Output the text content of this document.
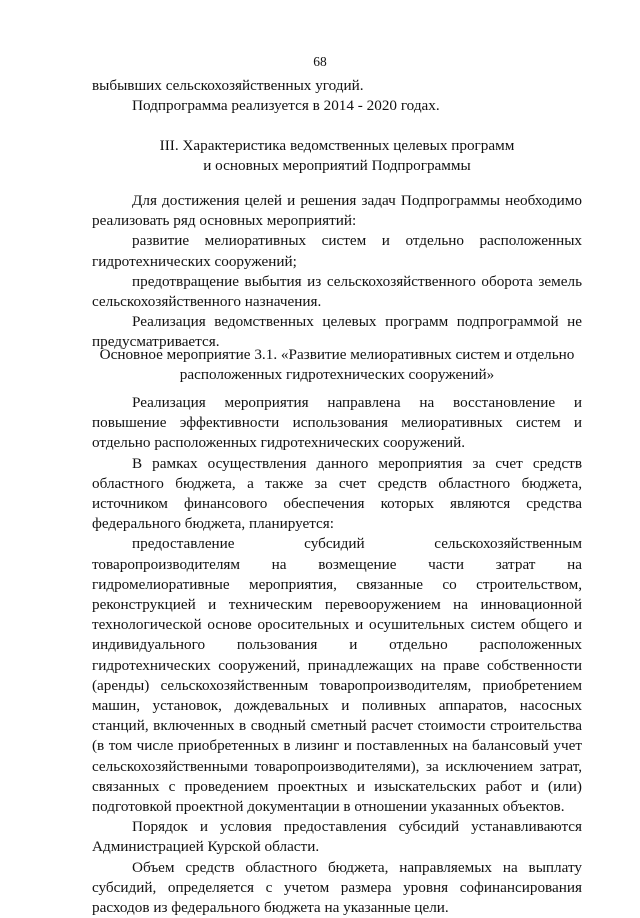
68

выбывших сельскохозяйственных угодий.

Подпрограмма реализуется в 2014 - 2020 годах.

III. Характеристика ведомственных целевых программ

и основных мероприятий Подпрограммы

Для достижения целей и решения задач Подпрограммы необходимо реализовать ряд основных мероприятий:

развитие мелиоративных систем и отдельно расположенных гидротехнических сооружений;

предотвращение выбытия из сельскохозяйственного оборота земель сельскохозяйственного назначения.

Реализация ведомственных целевых программ подпрограммой не предусматривается.

Основное мероприятие 3.1. «Развитие мелиоративных систем и отдельно

расположенных гидротехнических сооружений»

Реализация мероприятия направлена на восстановление и повышение эффективности использования мелиоративных систем и отдельно расположенных гидротехнических сооружений.

В рамках осуществления данного мероприятия за счет средств областного бюджета, а также за счет средств областного бюджета, источником финансового обеспечения которых являются средства федерального бюджета, планируется:

предоставление субсидий сельскохозяйственным товаропроизводителям на возмещение части затрат на гидромелиоративные мероприятия, связанные со строительством, реконструкцией и техническим перевооружением на инновационной технологической основе оросительных и осушительных систем общего и индивидуального пользования и отдельно расположенных гидротехнических сооружений, принадлежащих на праве собственности (аренды) сельскохозяйственным товаропроизводителям, приобретением машин, установок, дождевальных и поливных аппаратов, насосных станций, включенных в сводный сметный расчет стоимости строительства (в том числе приобретенных в лизинг и поставленных на балансовый учет сельскохозяйственными товаропроизводителями), за исключением затрат, связанных с проведением проектных и изыскательских работ и (или) подготовкой проектной документации в отношении указанных объектов.

Порядок и условия предоставления субсидий устанавливаются Администрацией Курской области.

Объем средств областного бюджета, направляемых на выплату субсидий, определяется с учетом размера уровня софинансирования расходов из федерального бюджета на указанные цели.
